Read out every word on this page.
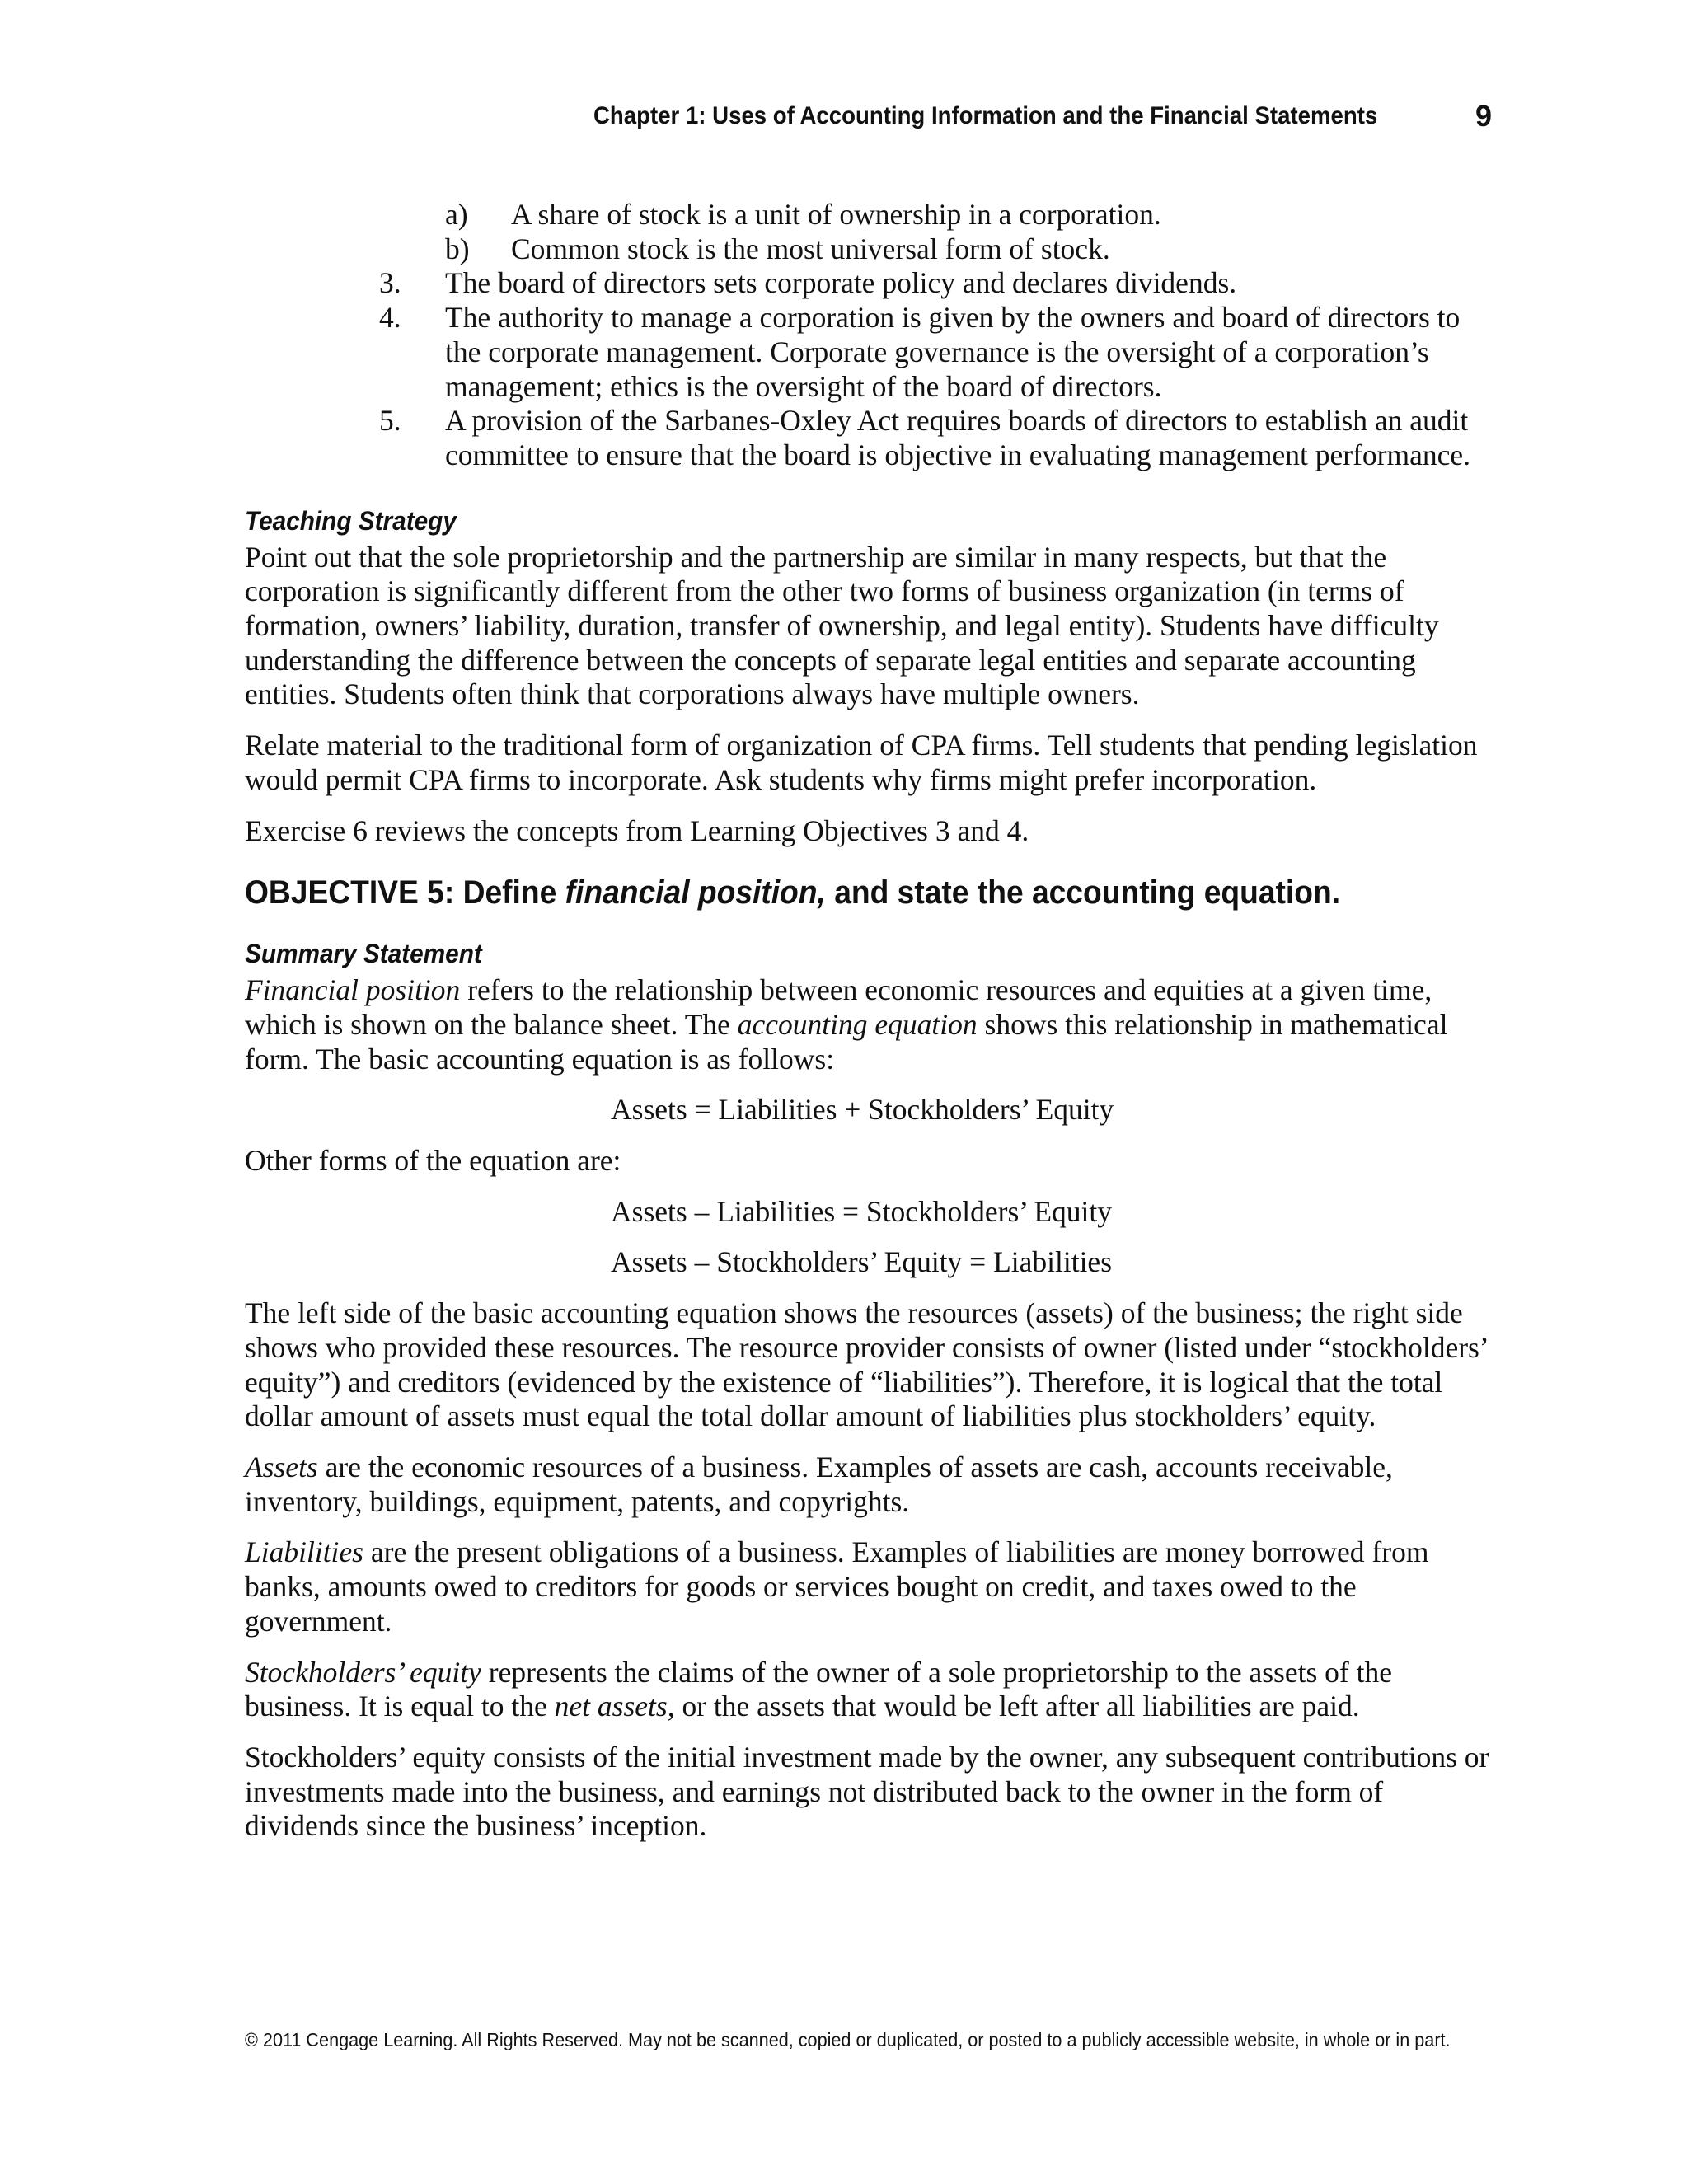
Chapter 1: Uses of Accounting Information and the Financial Statements	9
a) A share of stock is a unit of ownership in a corporation.
b) Common stock is the most universal form of stock.
3. The board of directors sets corporate policy and declares dividends.
4. The authority to manage a corporation is given by the owners and board of directors to the corporate management. Corporate governance is the oversight of a corporation’s management; ethics is the oversight of the board of directors.
5. A provision of the Sarbanes-Oxley Act requires boards of directors to establish an audit committee to ensure that the board is objective in evaluating management performance.
Teaching Strategy

Point out that the sole proprietorship and the partnership are similar in many respects, but that the corporation is significantly different from the other two forms of business organization (in terms of formation, owners’ liability, duration, transfer of ownership, and legal entity). Students have difficulty understanding the difference between the concepts of separate legal entities and separate accounting entities. Students often think that corporations always have multiple owners.

Relate material to the traditional form of organization of CPA firms. Tell students that pending legislation would permit CPA firms to incorporate. Ask students why firms might prefer incorporation.

Exercise 6 reviews the concepts from Learning Objectives 3 and 4.

OBJECTIVE 5: Define financial position, and state the accounting equation.
Summary Statement

Financial position refers to the relationship between economic resources and equities at a given time, which is shown on the balance sheet. The accounting equation shows this relationship in mathematical form. The basic accounting equation is as follows:

Assets = Liabilities + Stockholders’ Equity

Other forms of the equation are:

Assets – Liabilities = Stockholders’ Equity

Assets – Stockholders’ Equity = Liabilities

The left side of the basic accounting equation shows the resources (assets) of the business; the right side shows who provided these resources. The resource provider consists of owner (listed under “stockholders’ equity”) and creditors (evidenced by the existence of “liabilities”). Therefore, it is logical that the total dollar amount of assets must equal the total dollar amount of liabilities plus stockholders’ equity.

Assets are the economic resources of a business. Examples of assets are cash, accounts receivable, inventory, buildings, equipment, patents, and copyrights.

Liabilities are the present obligations of a business. Examples of liabilities are money borrowed from banks, amounts owed to creditors for goods or services bought on credit, and taxes owed to the government.

Stockholders’ equity represents the claims of the owner of a sole proprietorship to the assets of the business. It is equal to the net assets, or the assets that would be left after all liabilities are paid.

Stockholders’ equity consists of the initial investment made by the owner, any subsequent contributions or investments made into the business, and earnings not distributed back to the owner in the form of dividends since the business’ inception.

© 2011 Cengage Learning. All Rights Reserved. May not be scanned, copied or duplicated, or posted to a publicly accessible website, in whole or in part.
